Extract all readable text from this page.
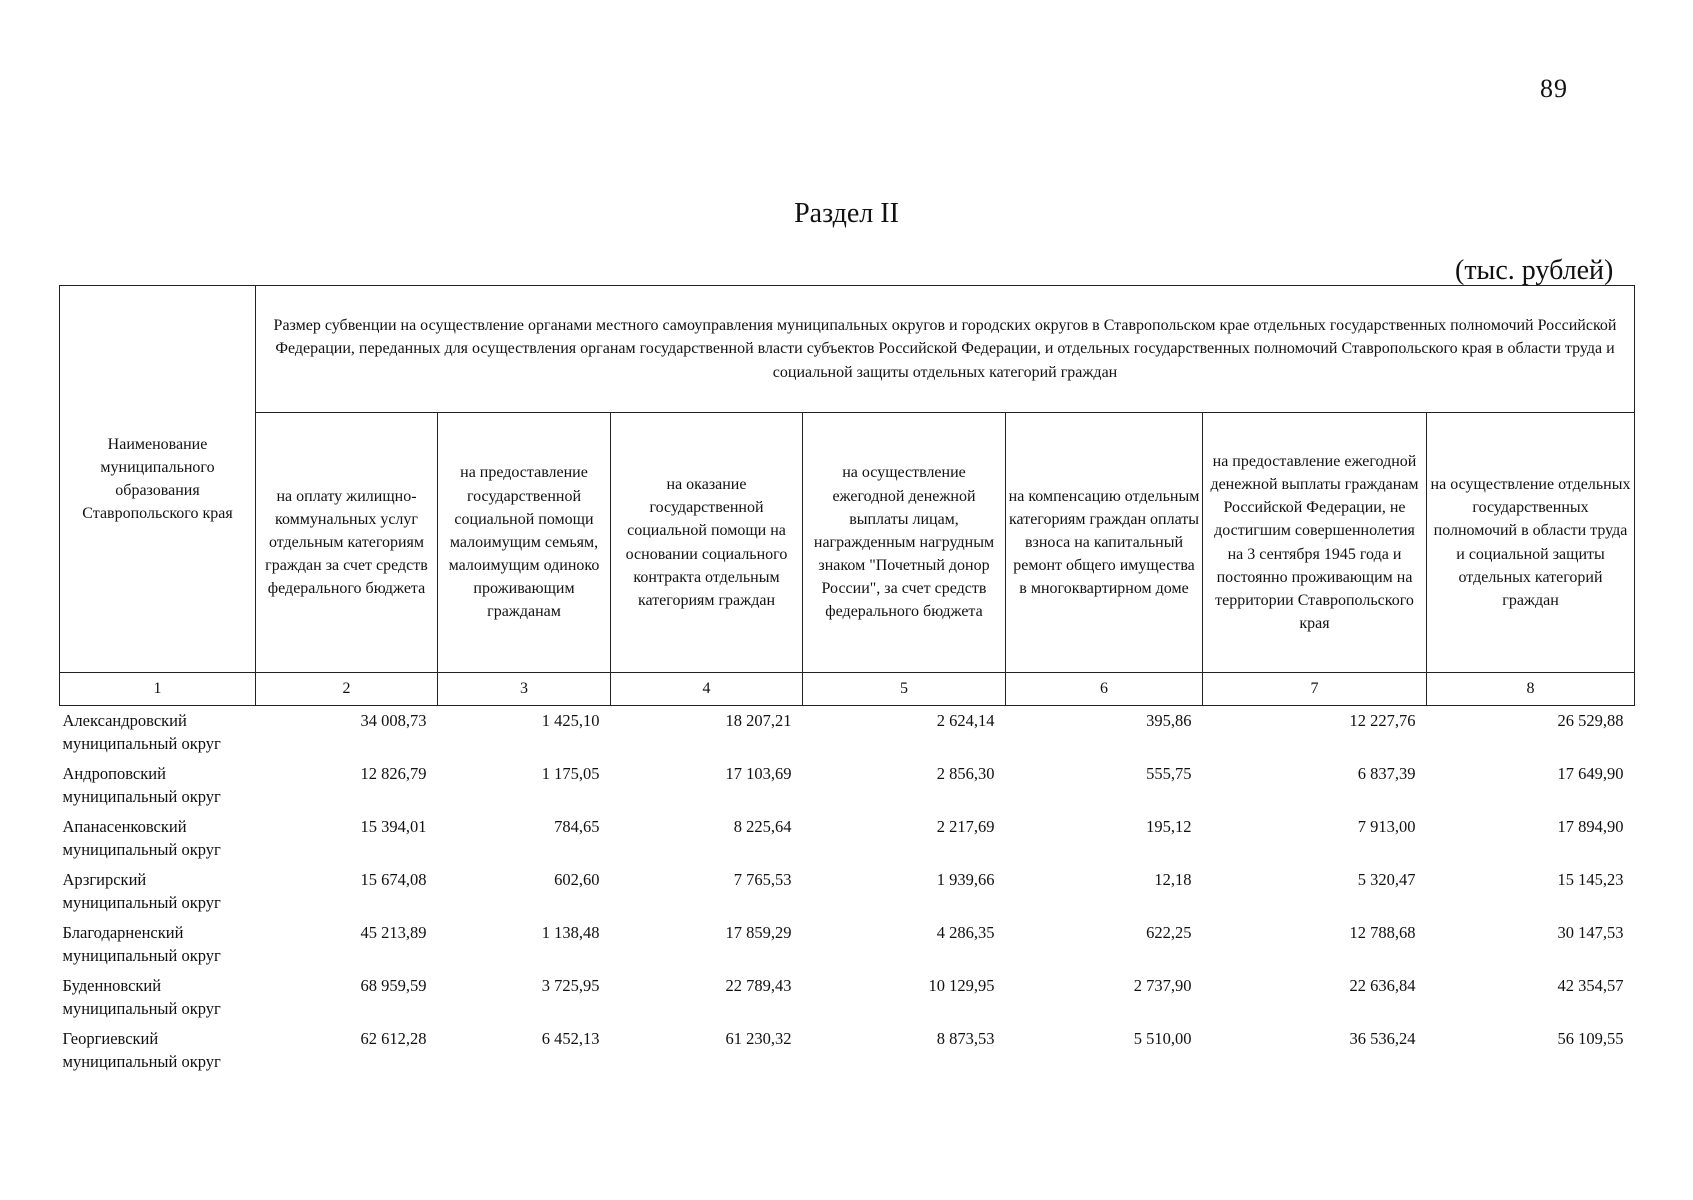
89
Раздел II
(тыс. рублей)
Наименование муниципального образования Ставропольского края	Размер субвенции на осуществление органами местного самоуправления муниципальных округов и городских округов в Ставропольском крае отдельных государственных полномочий Российской Федерации, переданных для осуществления органам государственной власти субъектов Российской Федерации, и отдельных государственных полномочий Ставропольского края в области труда и социальной защиты отдельных категорий граждан						
	на оплату жилищно-коммунальных услуг отдельным категориям граждан за счет средств федерального бюджета	на предоставление государственной социальной помощи малоимущим семьям, малоимущим одиноко проживающим гражданам	на оказание государственной социальной помощи на основании социального контракта отдельным категориям граждан	на осуществление ежегодной денежной выплаты лицам, награжденным нагрудным знаком "Почетный донор России", за счет средств федерального бюджета	на компенсацию отдельным категориям граждан оплаты взноса на капитальный ремонт общего имущества в многоквартирном доме	на предоставление ежегодной денежной выплаты гражданам Российской Федерации, не достигшим совершеннолетия на 3 сентября 1945 года и постоянно проживающим на территории Ставропольского края	на осуществление отдельных государственных полномочий в области труда и социальной защиты отдельных категорий граждан
1	2	3	4	5	6	7	8
Александровский муниципальный округ	34 008,73	1 425,10	18 207,21	2 624,14	395,86	12 227,76	26 529,88
Андроповский муниципальный округ	12 826,79	1 175,05	17 103,69	2 856,30	555,75	6 837,39	17 649,90
Апанасенковский муниципальный округ	15 394,01	784,65	8 225,64	2 217,69	195,12	7 913,00	17 894,90
Арзгирский муниципальный округ	15 674,08	602,60	7 765,53	1 939,66	12,18	5 320,47	15 145,23
Благодарненский муниципальный округ	45 213,89	1 138,48	17 859,29	4 286,35	622,25	12 788,68	30 147,53
Буденновский муниципальный округ	68 959,59	3 725,95	22 789,43	10 129,95	2 737,90	22 636,84	42 354,57
Георгиевский муниципальный округ	62 612,28	6 452,13	61 230,32	8 873,53	5 510,00	36 536,24	56 109,55
